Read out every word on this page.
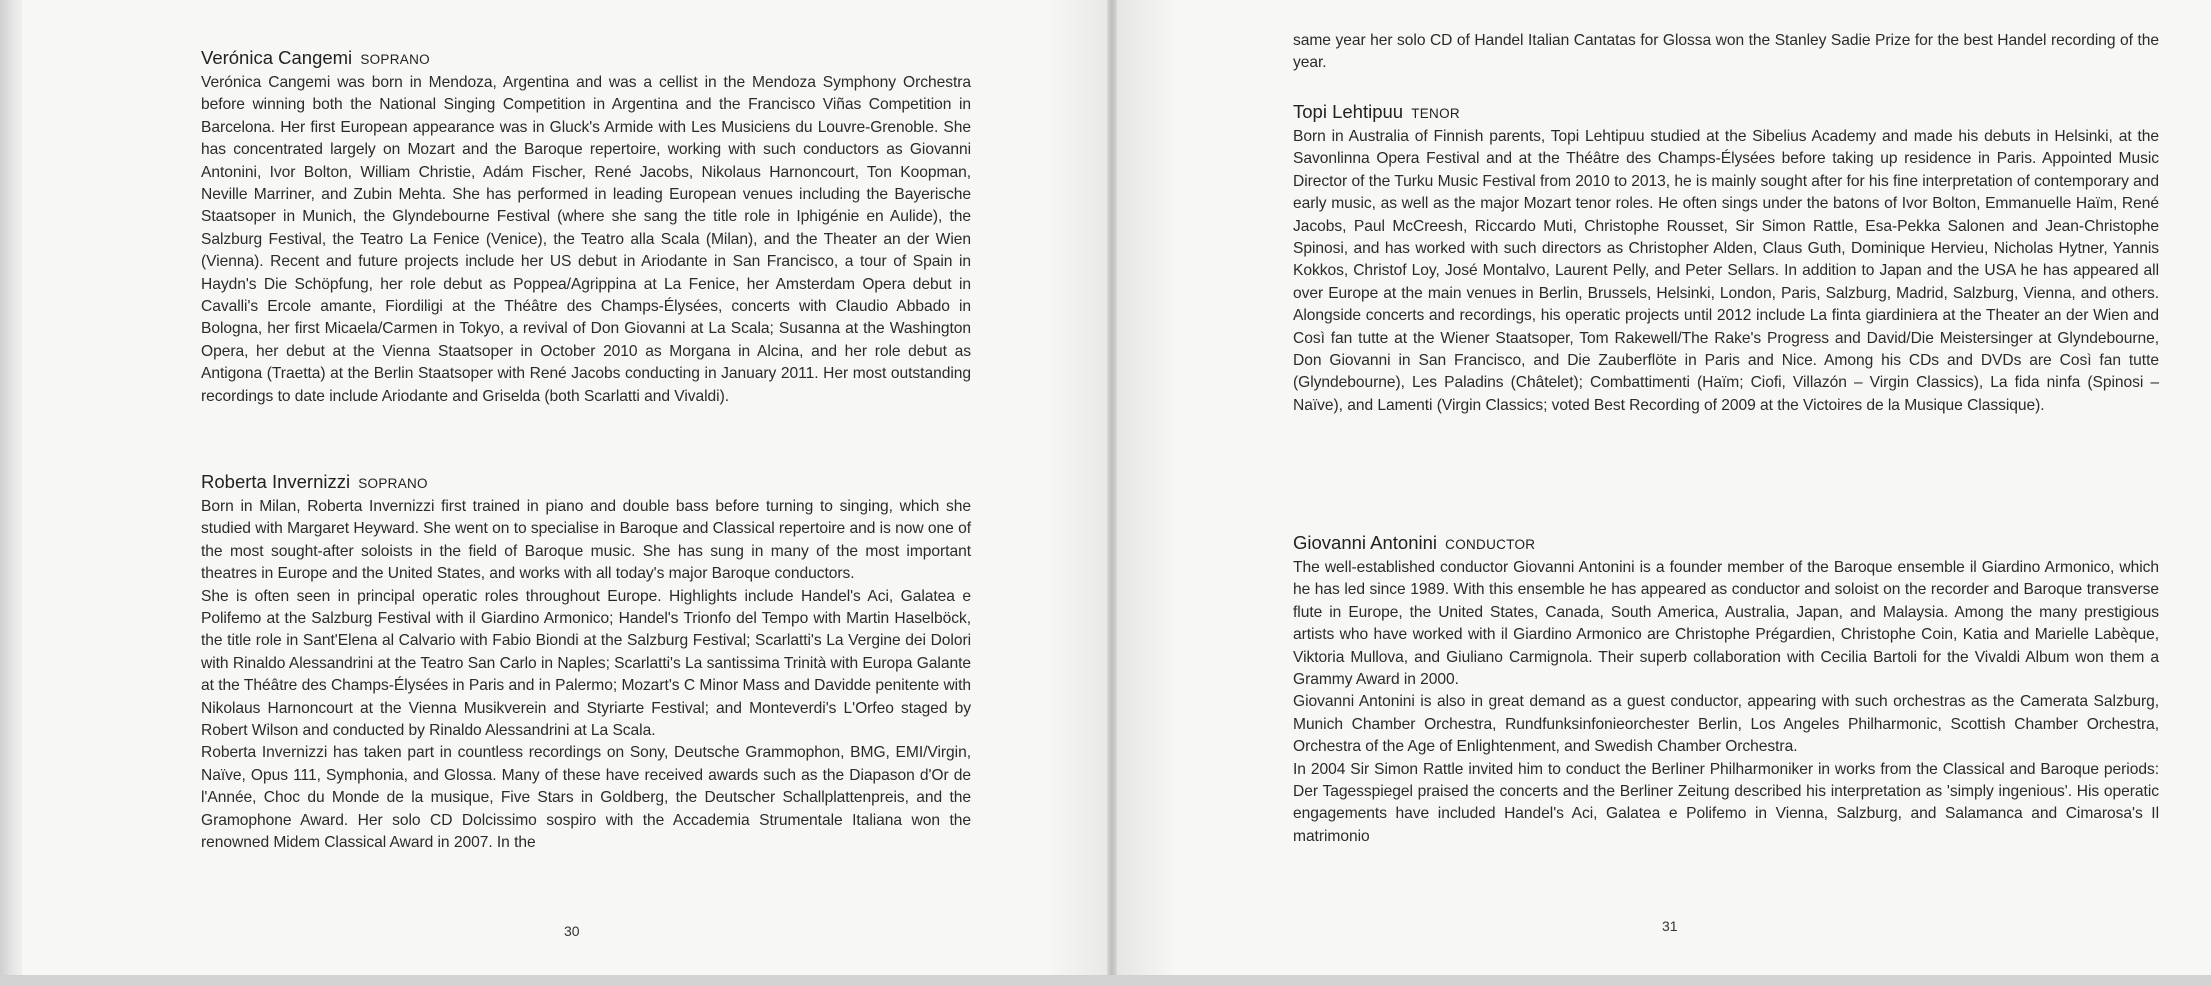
Verónica Cangemi SOPRANO

Verónica Cangemi was born in Mendoza, Argentina and was a cellist in the Mendoza Symphony Orchestra before winning both the National Singing Competition in Argentina and the Francisco Viñas Competition in Barcelona. Her first European appearance was in Gluck's Armide with Les Musiciens du Louvre-Grenoble. She has concentrated largely on Mozart and the Baroque repertoire, working with such conductors as Giovanni Antonini, Ivor Bolton, William Christie, Adám Fischer, René Jacobs, Nikolaus Harnoncourt, Ton Koopman, Neville Marriner, and Zubin Mehta. She has performed in leading European venues including the Bayerische Staatsoper in Munich, the Glyndebourne Festival (where she sang the title role in Iphigénie en Aulide), the Salzburg Festival, the Teatro La Fenice (Venice), the Teatro alla Scala (Milan), and the Theater an der Wien (Vienna). Recent and future projects include her US debut in Ariodante in San Francisco, a tour of Spain in Haydn's Die Schöpfung, her role debut as Poppea/Agrippina at La Fenice, her Amsterdam Opera debut in Cavalli's Ercole amante, Fiordiligi at the Théâtre des Champs-Élysées, concerts with Claudio Abbado in Bologna, her first Micaela/Carmen in Tokyo, a revival of Don Giovanni at La Scala; Susanna at the Washington Opera, her debut at the Vienna Staatsoper in October 2010 as Morgana in Alcina, and her role debut as Antigona (Traetta) at the Berlin Staatsoper with René Jacobs conducting in January 2011. Her most outstanding recordings to date include Ariodante and Griselda (both Scarlatti and Vivaldi).

Roberta Invernizzi SOPRANO

Born in Milan, Roberta Invernizzi first trained in piano and double bass before turning to singing, which she studied with Margaret Heyward. She went on to specialise in Baroque and Classical repertoire and is now one of the most sought-after soloists in the field of Baroque music. She has sung in many of the most important theatres in Europe and the United States, and works with all today's major Baroque conductors.

She is often seen in principal operatic roles throughout Europe. Highlights include Handel's Aci, Galatea e Polifemo at the Salzburg Festival with il Giardino Armonico; Handel's Trionfo del Tempo with Martin Haselböck, the title role in Sant'Elena al Calvario with Fabio Biondi at the Salzburg Festival; Scarlatti's La Vergine dei Dolori with Rinaldo Alessandrini at the Teatro San Carlo in Naples; Scarlatti's La santissima Trinità with Europa Galante at the Théâtre des Champs-Élysées in Paris and in Palermo; Mozart's C Minor Mass and Davidde penitente with Nikolaus Harnoncourt at the Vienna Musikverein and Styriarte Festival; and Monteverdi's L'Orfeo staged by Robert Wilson and conducted by Rinaldo Alessandrini at La Scala.

Roberta Invernizzi has taken part in countless recordings on Sony, Deutsche Grammophon, BMG, EMI/Virgin, Naïve, Opus 111, Symphonia, and Glossa. Many of these have received awards such as the Diapason d'Or de l'Année, Choc du Monde de la musique, Five Stars in Goldberg, the Deutscher Schallplattenpreis, and the Gramophone Award. Her solo CD Dolcissimo sospiro with the Accademia Strumentale Italiana won the renowned Midem Classical Award in 2007. In the

30

same year her solo CD of Handel Italian Cantatas for Glossa won the Stanley Sadie Prize for the best Handel recording of the year.

Topi Lehtipuu TENOR

Born in Australia of Finnish parents, Topi Lehtipuu studied at the Sibelius Academy and made his debuts in Helsinki, at the Savonlinna Opera Festival and at the Théâtre des Champs-Élysées before taking up residence in Paris. Appointed Music Director of the Turku Music Festival from 2010 to 2013, he is mainly sought after for his fine interpretation of contemporary and early music, as well as the major Mozart tenor roles. He often sings under the batons of Ivor Bolton, Emmanuelle Haïm, René Jacobs, Paul McCreesh, Riccardo Muti, Christophe Rousset, Sir Simon Rattle, Esa-Pekka Salonen and Jean-Christophe Spinosi, and has worked with such directors as Christopher Alden, Claus Guth, Dominique Hervieu, Nicholas Hytner, Yannis Kokkos, Christof Loy, José Montalvo, Laurent Pelly, and Peter Sellars. In addition to Japan and the USA he has appeared all over Europe at the main venues in Berlin, Brussels, Helsinki, London, Paris, Salzburg, Madrid, Salzburg, Vienna, and others. Alongside concerts and recordings, his operatic projects until 2012 include La finta giardiniera at the Theater an der Wien and Così fan tutte at the Wiener Staatsoper, Tom Rakewell/The Rake's Progress and David/Die Meistersinger at Glyndebourne, Don Giovanni in San Francisco, and Die Zauberflöte in Paris and Nice. Among his CDs and DVDs are Così fan tutte (Glyndebourne), Les Paladins (Châtelet); Combattimenti (Haïm; Ciofi, Villazón – Virgin Classics), La fida ninfa (Spinosi – Naïve), and Lamenti (Virgin Classics; voted Best Recording of 2009 at the Victoires de la Musique Classique).

Giovanni Antonini CONDUCTOR

The well-established conductor Giovanni Antonini is a founder member of the Baroque ensemble il Giardino Armonico, which he has led since 1989. With this ensemble he has appeared as conductor and soloist on the recorder and Baroque transverse flute in Europe, the United States, Canada, South America, Australia, Japan, and Malaysia. Among the many prestigious artists who have worked with il Giardino Armonico are Christophe Prégardien, Christophe Coin, Katia and Marielle Labèque, Viktoria Mullova, and Giuliano Carmignola. Their superb collaboration with Cecilia Bartoli for the Vivaldi Album won them a Grammy Award in 2000.

Giovanni Antonini is also in great demand as a guest conductor, appearing with such orchestras as the Camerata Salzburg, Munich Chamber Orchestra, Rundfunksinfonieorchester Berlin, Los Angeles Philharmonic, Scottish Chamber Orchestra, Orchestra of the Age of Enlightenment, and Swedish Chamber Orchestra.

In 2004 Sir Simon Rattle invited him to conduct the Berliner Philharmoniker in works from the Classical and Baroque periods: Der Tagesspiegel praised the concerts and the Berliner Zeitung described his interpretation as 'simply ingenious'. His operatic engagements have included Handel's Aci, Galatea e Polifemo in Vienna, Salzburg, and Salamanca and Cimarosa's Il matrimonio

31
